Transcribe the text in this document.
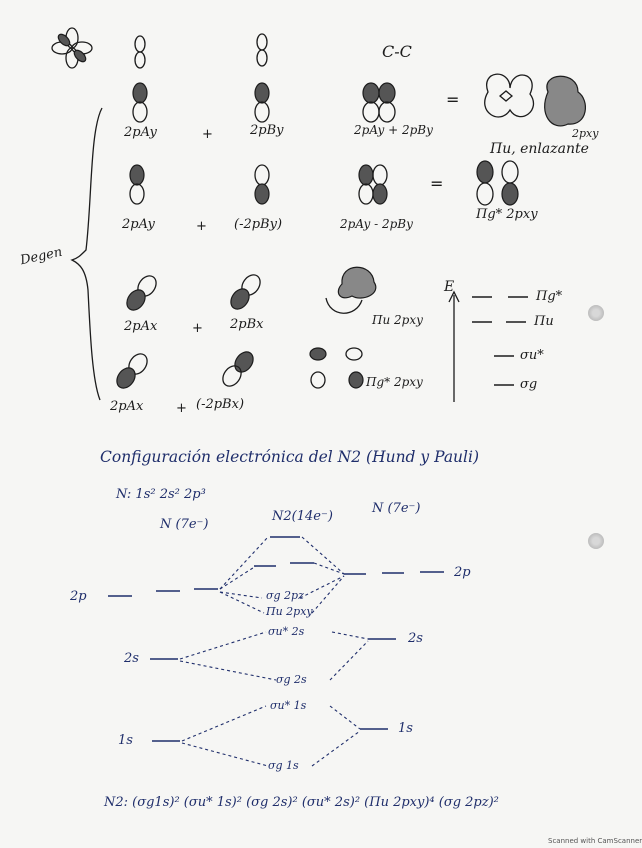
C-C
=
=
Degen
2pAy	+	2pBy	2pAy + 2pBy
Πu, enlazante
2pxy
2pAy	+ (-2pBy)	2pAy - 2pBy
Πg* 2pxy
2pAx	+ 2pBx	Πu 2pxy
2pAx	+ (-2pBx)
Πg* 2pxy
E
Πg*
Πu
σu*
σg
Configuración electrónica del N2 (Hund y Pauli)
N: 1s² 2s² 2p³
N (7e⁻)
N2(14e⁻)
N (7e⁻)
2p
2s
1s
2p
2s
1s
σg 2pz
Πu 2pxy
σu* 2s
σg 2s
σu* 1s
σg 1s
N2: (σg1s)² (σu* 1s)² (σg 2s)² (σu* 2s)² (Πu 2pxy)⁴ (σg 2pz)²
Scanned with CamScanner
